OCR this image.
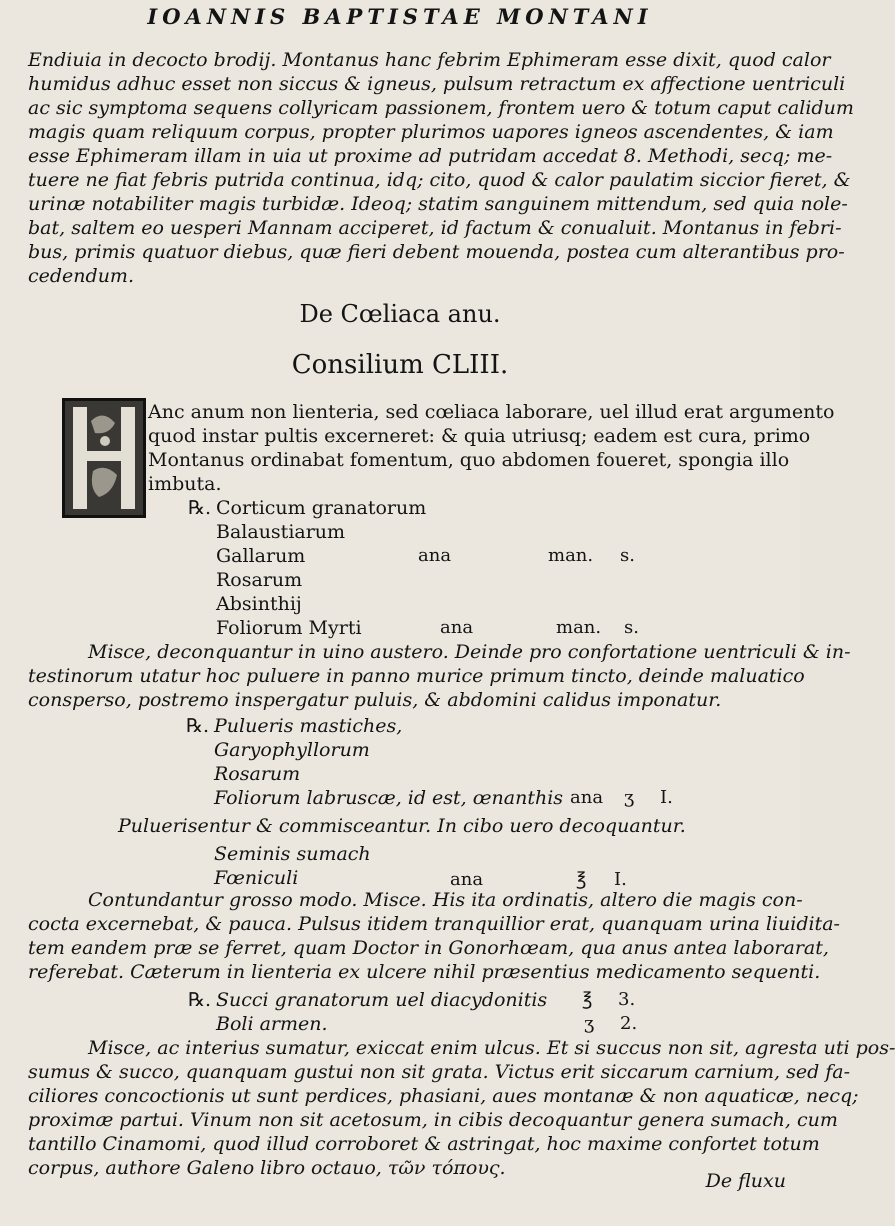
IOANNIS BAPTISTAE MONTANI
Endiuia in decocto brodij. Montanus hanc febrim Ephimeram esse dixit, quod calor
humidus adhuc esset non siccus & igneus, pulsum retractum ex affectione uentriculi
ac sic symptoma sequens collyricam passionem, frontem uero & totum caput calidum
magis quam reliquum corpus, propter plurimos uapores igneos ascendentes, & iam
esse Ephimeram illam in uia ut proxime ad putridam accedat 8. Methodi, secq; me-
tuere ne fiat febris putrida continua, idq; cito, quod & calor paulatim siccior fieret, &
urinæ notabiliter magis turbidæ. Ideoq; statim sanguinem mittendum, sed quia nole-
bat, saltem eo uesperi Mannam acciperet, id factum & conualuit. Montanus in febri-
bus, primis quatuor diebus, quæ fieri debent mouenda, postea cum alterantibus pro-
cedendum.
De Cœliaca anu.
Consilium CLIII.
Anc anum non lienteria, sed cœliaca laborare, uel illud erat argumento
quod instar pultis excerneret: & quia utriusq; eadem est cura, primo
Montanus ordinabat fomentum, quo abdomen foueret, spongia illo
imbuta.
℞. Corticum granatorum
Balaustiarum
Gallarum	ana	man. s.
Rosarum
Absinthij
Foliorum Myrti	ana	man. s.
Misce, deconquantur in uino austero. Deinde pro confortatione uentriculi & in-
testinorum utatur hoc puluere in panno murice primum tincto, deinde maluatico
consperso, postremo inspergatur puluis, & abdomini calidus imponatur.
℞. Pulueris mastiches,
Garyophyllorum
Rosarum
Foliorum labruscæ, id est, œnanthis ana ʒ I.
Puluerisentur & commisceantur. In cibo uero decoquantur.
Seminis sumach
Fœniculi	ana	℥ I.
Contundantur grosso modo. Misce. His ita ordinatis, altero die magis con-
cocta excernebat, & pauca. Pulsus itidem tranquillior erat, quanquam urina liuidita-
tem eandem præ se ferret, quam Doctor in Gonorhœam, qua anus antea laborarat,
referebat. Cæterum in lienteria ex ulcere nihil præsentius medicamento sequenti.
℞. Succi granatorum uel diacydonitis ℥ 3.
Boli armen.	ʒ 2.
Misce, ac interius sumatur, exiccat enim ulcus. Et si succus non sit, agresta uti pos-
sumus & succo, quanquam gustui non sit grata. Victus erit siccarum carnium, sed fa-
ciliores concoctionis ut sunt perdices, phasiani, aues montanæ & non aquaticæ, necq;
proximæ partui. Vinum non sit acetosum, in cibis decoquantur genera sumach, cum
tantillo Cinamomi, quod illud corroboret & astringat, hoc maxime confortet totum
corpus, authore Galeno libro octauo, τῶν τόπους.
De fluxu
